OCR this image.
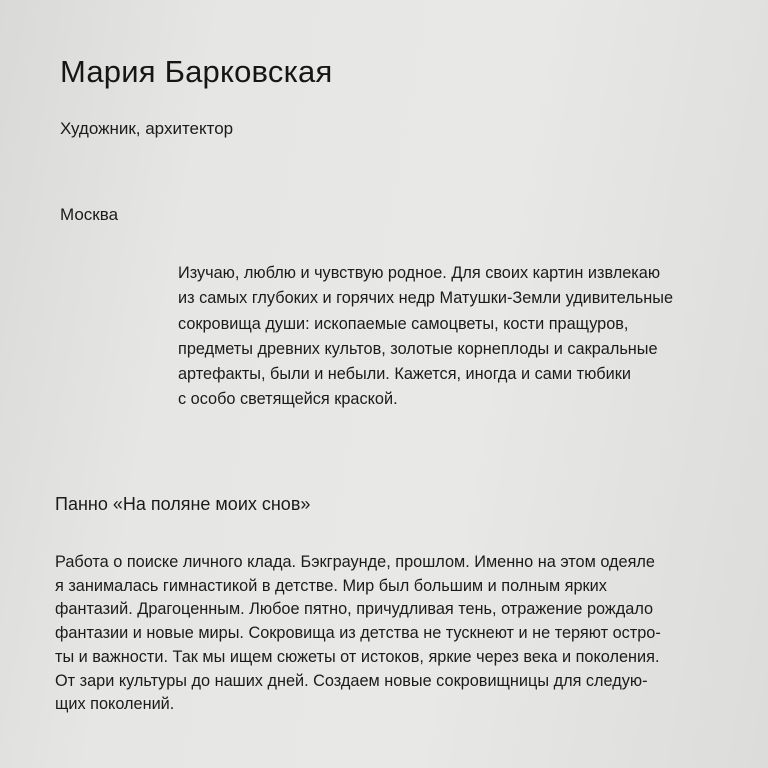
Мария Барковская
Художник, архитектор
Москва
Изучаю, люблю и чувствую родное. Для своих картин извлекаю
из самых глубоких и горячих недр Матушки-Земли удивительные
сокровища души: ископаемые самоцветы, кости пращуров,
предметы древних культов, золотые корнеплоды и сакральные
артефакты, были и небыли. Кажется, иногда и сами тюбики
с особо светящейся краской.
Панно «На поляне моих снов»
Работа о поиске личного клада. Бэкграунде, прошлом. Именно на этом одеяле
я занималась гимнастикой в детстве. Мир был большим и полным ярких
фантазий. Драгоценным. Любое пятно, причудливая тень, отражение рождало
фантазии и новые миры. Сокровища из детства не тускнеют и не теряют остро-
ты и важности. Так мы ищем сюжеты от истоков, яркие через века и поколения.
От зари культуры до наших дней. Создаем новые сокровищницы для следую-
щих поколений.
